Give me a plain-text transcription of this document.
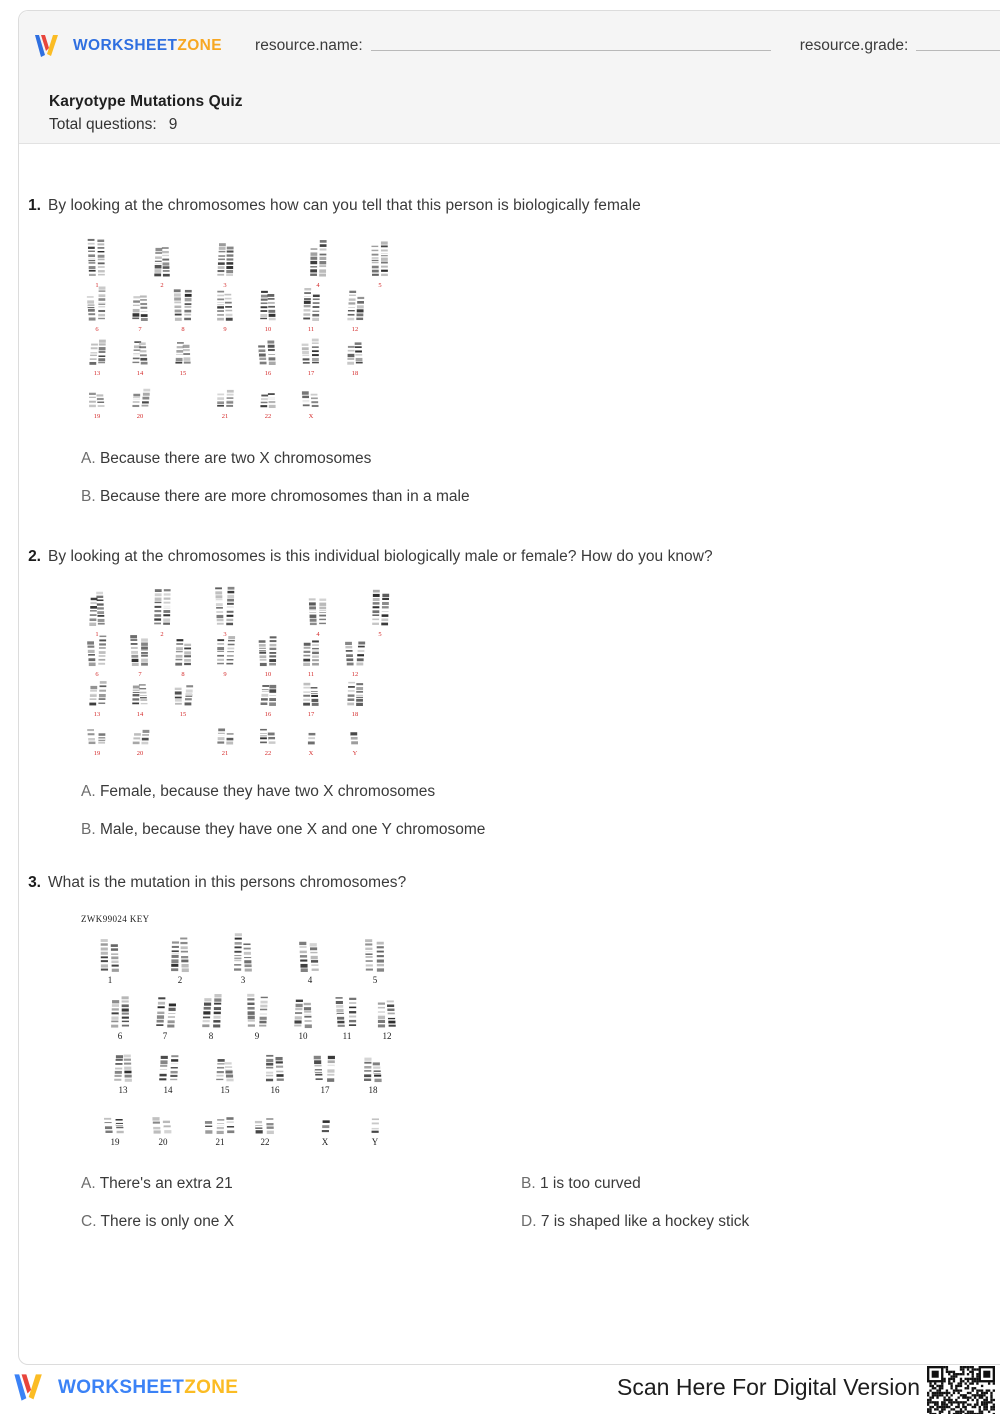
WORKSHEETZONE resource.name:	resource.grade:

Karyotype Mutations Quiz

Total questions: 9

1. By looking at the chromosomes how can you tell that this person is biologically female
1	2	3	4	5
6	7	8	9	10	11	12
13	14	15	16	17	18
19	20	21	22	X
A. Because there are two X chromosomes
B. Because there are more chromosomes than in a male
2. By looking at the chromosomes is this individual biologically male or female? How do you know?
1	2	3	4	5
6	7	8	9	10	11	12
13	14	15	16	17	18
19	20	21	22	X	Y
A. Female, because they have two X chromosomes
B. Male, because they have one X and one Y chromosome
3. What is the mutation in this persons chromosomes?
ZWK99024 KEY
1	2	3	4	5
6	7	8	9	10	11	12
13	14	15	16	17	18
19	20	21	22	X	Y
A. There's an extra 21	B. 1 is too curved
C. There is only one X	D. 7 is shaped like a hockey stick
WORKSHEETZONE	Scan Here For Digital Version
